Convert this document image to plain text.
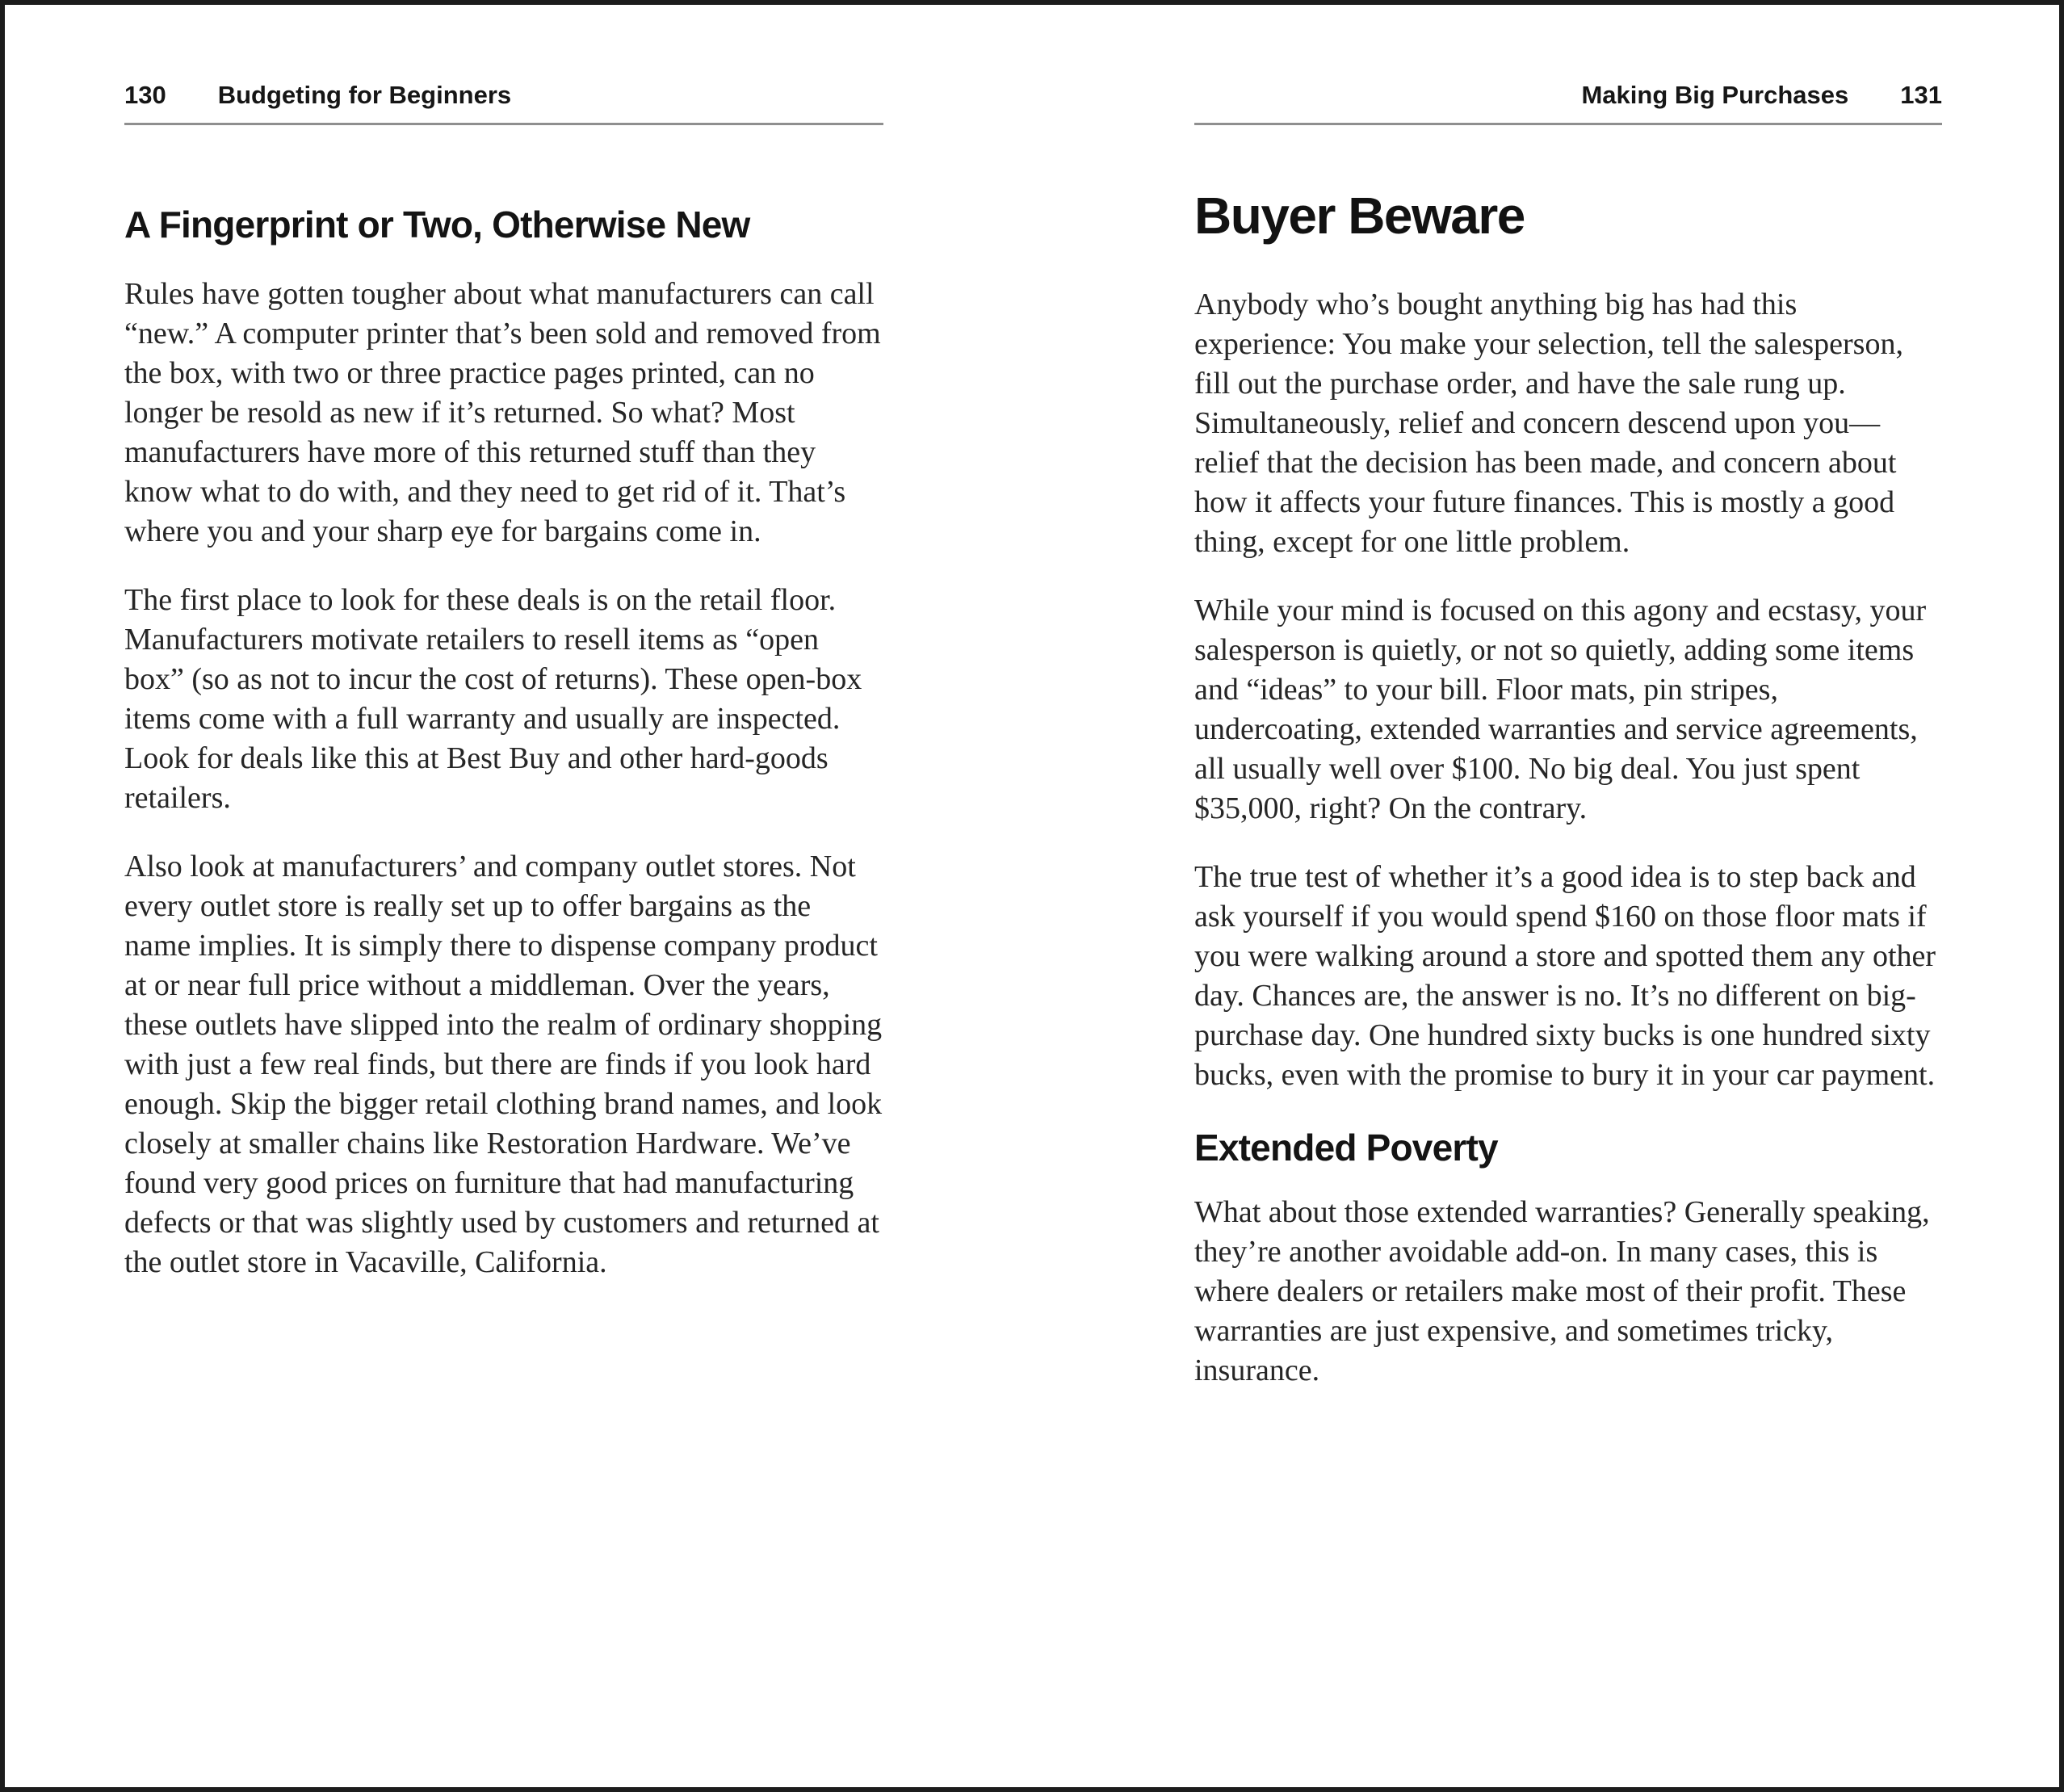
130 Budgeting for Beginners
A Fingerprint or Two, Otherwise New

Rules have gotten tougher about what manufacturers can call “new.” A computer printer that’s been sold and removed from the box, with two or three practice pages printed, can no longer be resold as new if it’s returned. So what? Most manufacturers have more of this returned stuff than they know what to do with, and they need to get rid of it. That’s where you and your sharp eye for bargains come in.

The first place to look for these deals is on the retail floor. Manufacturers motivate retailers to resell items as “open box” (so as not to incur the cost of returns). These open-box items come with a full warranty and usually are inspected. Look for deals like this at Best Buy and other hard-goods retailers.

Also look at manufacturers’ and company outlet stores. Not every outlet store is really set up to offer bargains as the name implies. It is simply there to dispense company product at or near full price without a middleman. Over the years, these outlets have slipped into the realm of ordinary shopping with just a few real finds, but there are finds if you look hard enough. Skip the bigger retail clothing brand names, and look closely at smaller chains like Restoration Hardware. We’ve found very good prices on furniture that had manufacturing defects or that was slightly used by customers and returned at the outlet store in Vacaville, California.

Making Big Purchases 131
Buyer Beware

Anybody who’s bought anything big has had this experience: You make your selection, tell the salesperson, fill out the purchase order, and have the sale rung up. Simultaneously, relief and concern descend upon you—relief that the decision has been made, and concern about how it affects your future finances. This is mostly a good thing, except for one little problem.

While your mind is focused on this agony and ecstasy, your salesperson is quietly, or not so quietly, adding some items and “ideas” to your bill. Floor mats, pin stripes, undercoating, extended warranties and service agreements, all usually well over $100. No big deal. You just spent $35,000, right? On the contrary.

The true test of whether it’s a good idea is to step back and ask yourself if you would spend $160 on those floor mats if you were walking around a store and spotted them any other day. Chances are, the answer is no. It’s no different on big-purchase day. One hundred sixty bucks is one hundred sixty bucks, even with the promise to bury it in your car payment.

Extended Poverty

What about those extended warranties? Generally speaking, they’re another avoidable add-on. In many cases, this is where dealers or retailers make most of their profit. These warranties are just expensive, and sometimes tricky, insurance.
